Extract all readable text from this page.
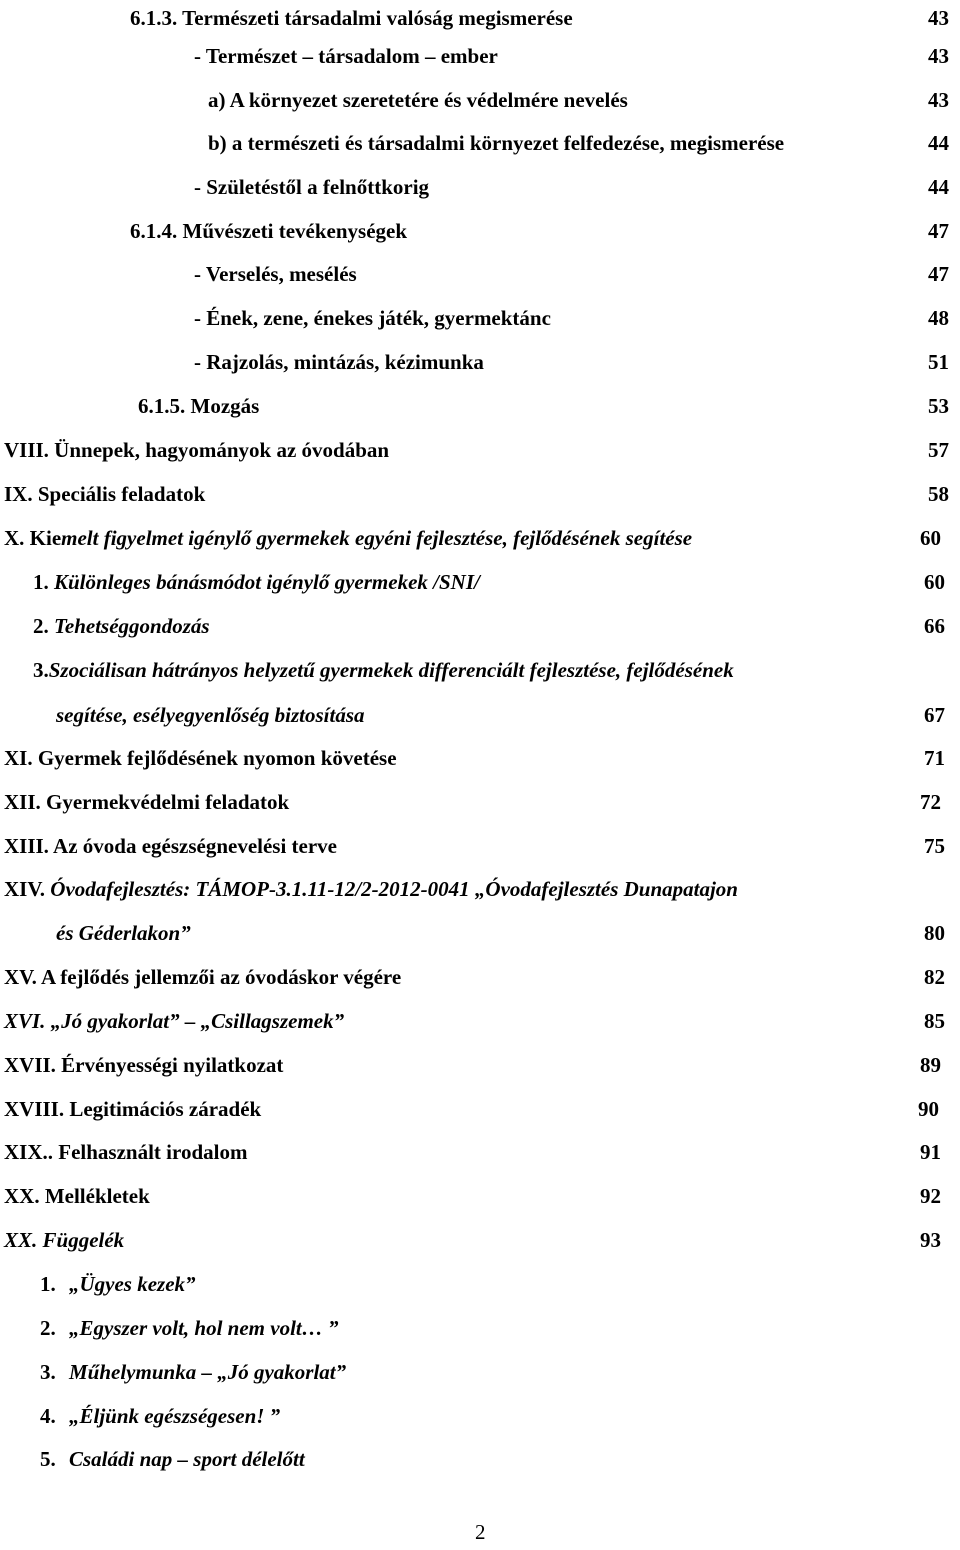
6.1.3. Természeti társadalmi valóság megismerése	43
- Természet – társadalom – ember	43
a) A környezet szeretetére és védelmére nevelés	43
b) a természeti és társadalmi környezet felfedezése, megismerése	44
- Születéstől a felnőttkorig	44
6.1.4. Művészeti tevékenységek	47
- Verselés, mesélés	47
- Ének, zene, énekes játék, gyermektánc	48
- Rajzolás, mintázás, kézimunka	51
6.1.5. Mozgás	53
VIII. Ünnepek, hagyományok az óvodában	57
IX. Speciális feladatok	58
X. Kiemelt figyelmet igénylő gyermekek egyéni fejlesztése, fejlődésének segítése	60
1. Különleges bánásmódot igénylő gyermekek /SNI/	60
2. Tehetséggondozás	66
3.Szociálisan hátrányos helyzetű gyermekek differenciált fejlesztése, fejlődésének
segítése, esélyegyenlőség biztosítása	67
XI. Gyermek fejlődésének nyomon követése	71
XII. Gyermekvédelmi feladatok	72
XIII. Az óvoda egészségnevelési terve	75
XIV. Óvodafejlesztés: TÁMOP-3.1.11-12/2-2012-0041 „Óvodafejlesztés Dunapatajon
és Géderlakon”	80
XV. A fejlődés jellemzői az óvodáskor végére	82
XVI. „Jó gyakorlat” – „Csillagszemek”	85
XVII. Érvényességi nyilatkozat	89
XVIII. Legitimációs záradék	90
XIX.. Felhasznált irodalom	91
XX. Mellékletek	92
XX. Függelék	93
1. „Ügyes kezek”
2. „Egyszer volt, hol nem volt… ”
3. Műhelymunka – „Jó gyakorlat”
4. „Éljünk egészségesen! ”
5. Családi nap – sport délelőtt
2
